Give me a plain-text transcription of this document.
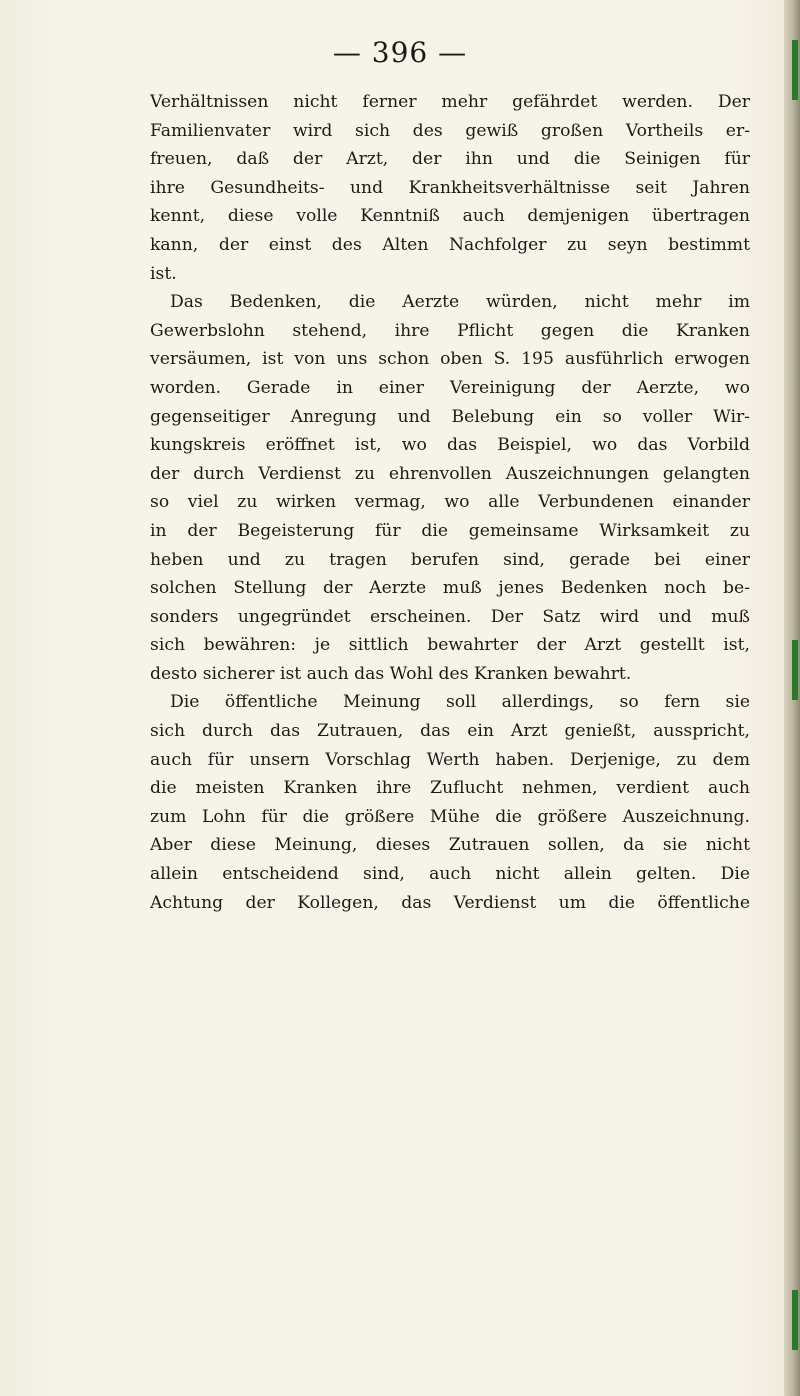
— 396 —
Verhältnissen nicht ferner mehr gefährdet werden. Der
Familienvater wird sich des gewiß großen Vortheils er-
freuen, daß der Arzt, der ihn und die Seinigen für
ihre Gesundheits- und Krankheitsverhältnisse seit Jahren
kennt, diese volle Kenntniß auch demjenigen übertragen
kann, der einst des Alten Nachfolger zu seyn bestimmt
ist.
Das Bedenken, die Aerzte würden, nicht mehr im
Gewerbslohn stehend, ihre Pflicht gegen die Kranken
versäumen, ist von uns schon oben S. 195 ausführlich erwogen
worden. Gerade in einer Vereinigung der Aerzte, wo
gegenseitiger Anregung und Belebung ein so voller Wir-
kungskreis eröffnet ist, wo das Beispiel, wo das Vorbild
der durch Verdienst zu ehrenvollen Auszeichnungen gelangten
so viel zu wirken vermag, wo alle Verbundenen einander
in der Begeisterung für die gemeinsame Wirksamkeit zu
heben und zu tragen berufen sind, gerade bei einer
solchen Stellung der Aerzte muß jenes Bedenken noch be-
sonders ungegründet erscheinen. Der Satz wird und muß
sich bewähren: je sittlich bewahrter der Arzt gestellt ist,
desto sicherer ist auch das Wohl des Kranken bewahrt.
Die öffentliche Meinung soll allerdings, so fern sie
sich durch das Zutrauen, das ein Arzt genießt, ausspricht,
auch für unsern Vorschlag Werth haben. Derjenige, zu dem
die meisten Kranken ihre Zuflucht nehmen, verdient auch
zum Lohn für die größere Mühe die größere Auszeichnung.
Aber diese Meinung, dieses Zutrauen sollen, da sie nicht
allein entscheidend sind, auch nicht allein gelten. Die
Achtung der Kollegen, das Verdienst um die öffentliche
